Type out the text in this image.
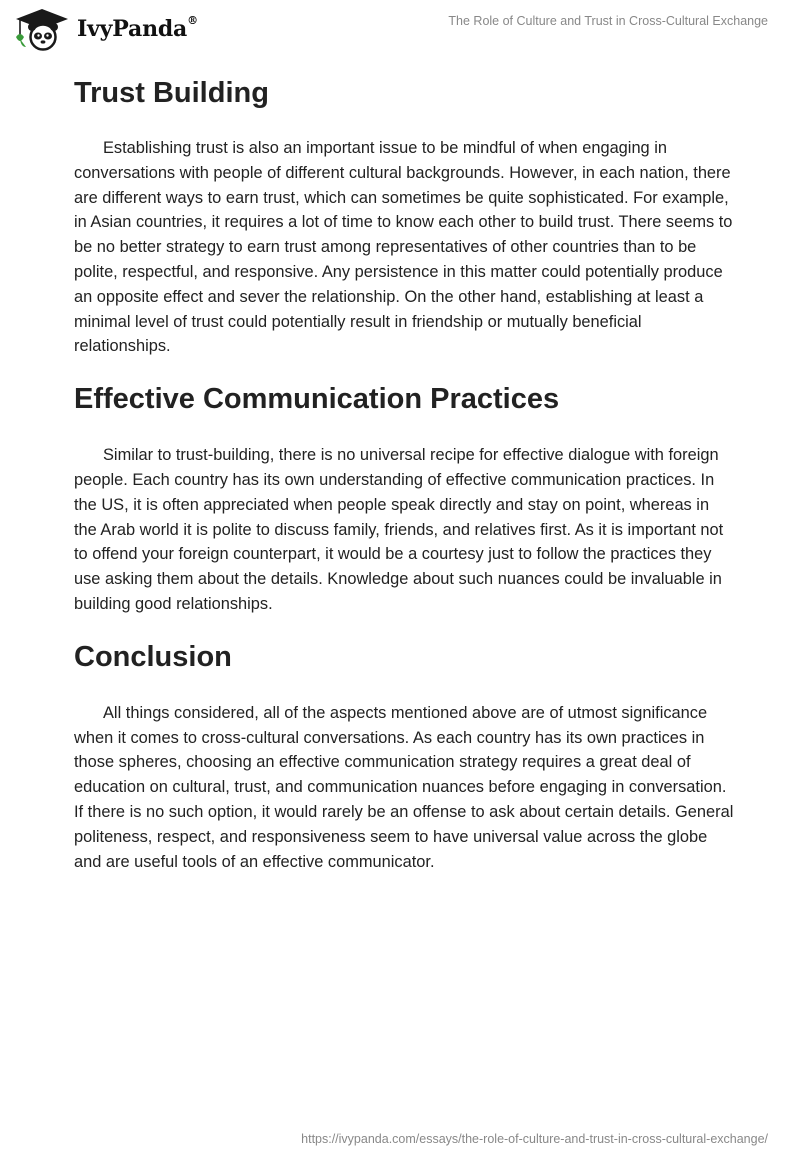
IvyPanda®	The Role of Culture and Trust in Cross-Cultural Exchange
Trust Building

Establishing trust is also an important issue to be mindful of when engaging in conversations with people of different cultural backgrounds. However, in each nation, there are different ways to earn trust, which can sometimes be quite sophisticated. For example, in Asian countries, it requires a lot of time to know each other to build trust. There seems to be no better strategy to earn trust among representatives of other countries than to be polite, respectful, and responsive. Any persistence in this matter could potentially produce an opposite effect and sever the relationship. On the other hand, establishing at least a minimal level of trust could potentially result in friendship or mutually beneficial relationships.

Effective Communication Practices

Similar to trust-building, there is no universal recipe for effective dialogue with foreign people. Each country has its own understanding of effective communication practices. In the US, it is often appreciated when people speak directly and stay on point, whereas in the Arab world it is polite to discuss family, friends, and relatives first. As it is important not to offend your foreign counterpart, it would be a courtesy just to follow the practices they use asking them about the details. Knowledge about such nuances could be invaluable in building good relationships.

Conclusion

All things considered, all of the aspects mentioned above are of utmost significance when it comes to cross-cultural conversations. As each country has its own practices in those spheres, choosing an effective communication strategy requires a great deal of education on cultural, trust, and communication nuances before engaging in conversation. If there is no such option, it would rarely be an offense to ask about certain details. General politeness, respect, and responsiveness seem to have universal value across the globe and are useful tools of an effective communicator.

https://ivypanda.com/essays/the-role-of-culture-and-trust-in-cross-cultural-exchange/
